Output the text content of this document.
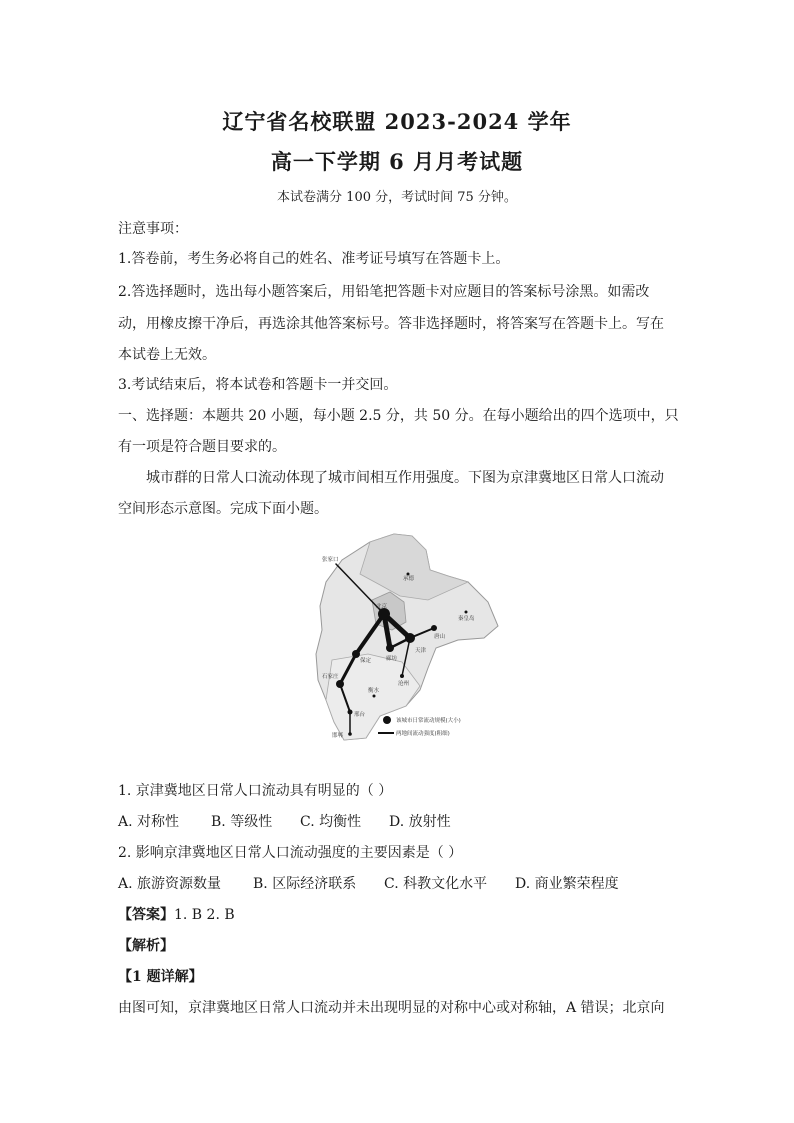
辽宁省名校联盟 2023-2024 学年
高一下学期 6 月月考试题
本试卷满分 100 分，考试时间 75 分钟。
注意事项：
1.答卷前，考生务必将自己的姓名、准考证号填写在答题卡上。
2.答选择题时，选出每小题答案后，用铅笔把答题卡对应题目的答案标号涂黑。如需改
动，用橡皮擦干净后，再选涂其他答案标号。答非选择题时，将答案写在答题卡上。写在
本试卷上无效。
3.考试结束后，将本试卷和答题卡一并交回。
一、选择题：本题共 20 小题，每小题 2.5 分，共 50 分。在每小题给出的四个选项中，只
有一项是符合题目要求的。
城市群的日常人口流动体现了城市间相互作用强度。下图为京津冀地区日常人口流动
空间形态示意图。完成下面小题。
张家口
承德
秦皇岛
北京
唐山
天津
廊坊
保定
沧州
石家庄
衡水
邢台
邯郸
该城市日常流动规模(大小)
两地间流动强度(粗细)
1. 京津冀地区日常人口流动具有明显的（ ）
A. 对称性 B. 等级性 C. 均衡性 D. 放射性
2. 影响京津冀地区日常人口流动强度的主要因素是（ ）
A. 旅游资源数量 B. 区际经济联系 C. 科教文化水平 D. 商业繁荣程度
【答案】1. B 2. B
【解析】
【1 题详解】
由图可知，京津冀地区日常人口流动并未出现明显的对称中心或对称轴，A 错误；北京向
